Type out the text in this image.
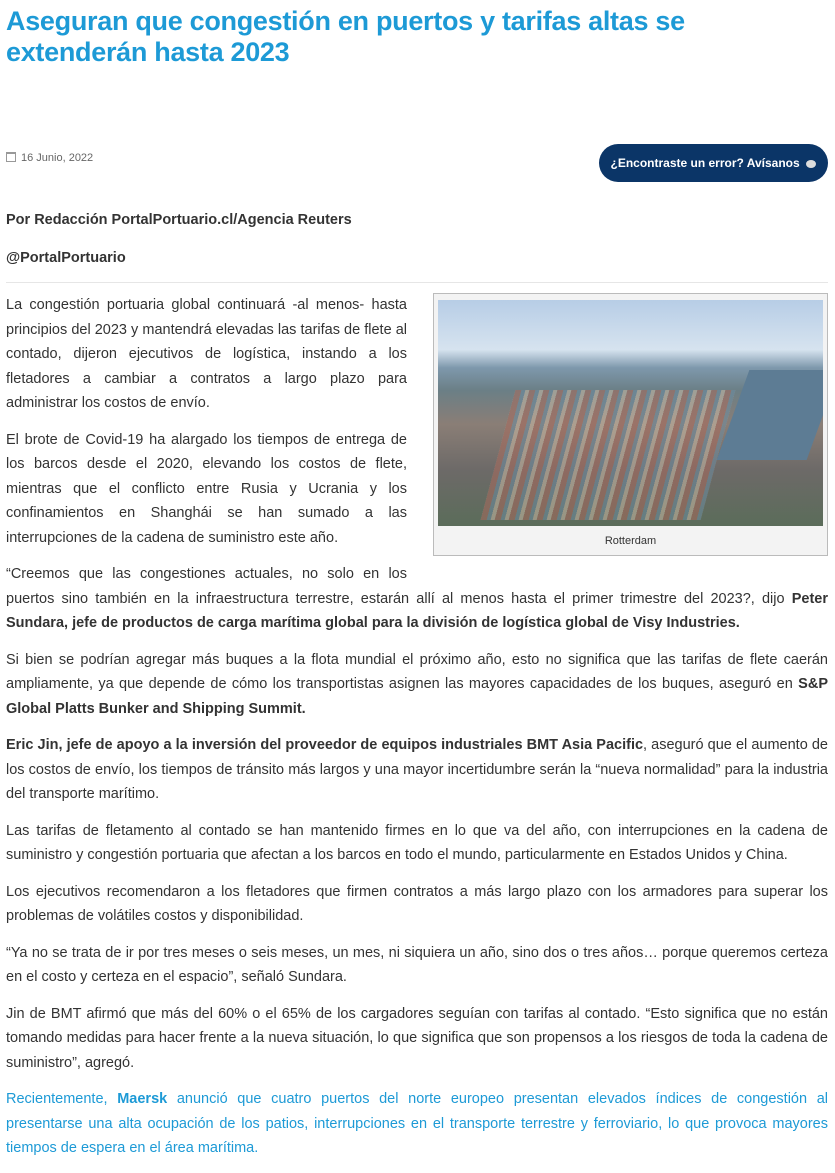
Aseguran que congestión en puertos y tarifas altas se extenderán hasta 2023
16 Junio, 2022	¿Encontraste un error? Avísanos
Por Redacción PortalPortuario.cl/Agencia Reuters
@PortalPortuario
Rotterdam

La congestión portuaria global continuará -al menos- hasta principios del 2023 y mantendrá elevadas las tarifas de flete al contado, dijeron ejecutivos de logística, instando a los fletadores a cambiar a contratos a largo plazo para administrar los costos de envío.

El brote de Covid-19 ha alargado los tiempos de entrega de los barcos desde el 2020, elevando los costos de flete, mientras que el conflicto entre Rusia y Ucrania y los confinamientos en Shanghái se han sumado a las interrupciones de la cadena de suministro este año.

“Creemos que las congestiones actuales, no solo en los puertos sino también en la infraestructura terrestre, estarán allí al menos hasta el primer trimestre del 2023?, dijo Peter Sundara, jefe de productos de carga marítima global para la división de logística global de Visy Industries.

Si bien se podrían agregar más buques a la flota mundial el próximo año, esto no significa que las tarifas de flete caerán ampliamente, ya que depende de cómo los transportistas asignen las mayores capacidades de los buques, aseguró en S&P Global Platts Bunker and Shipping Summit.

Eric Jin, jefe de apoyo a la inversión del proveedor de equipos industriales BMT Asia Pacific, aseguró que el aumento de los costos de envío, los tiempos de tránsito más largos y una mayor incertidumbre serán la “nueva normalidad” para la industria del transporte marítimo.

Las tarifas de fletamento al contado se han mantenido firmes en lo que va del año, con interrupciones en la cadena de suministro y congestión portuaria que afectan a los barcos en todo el mundo, particularmente en Estados Unidos y China.

Los ejecutivos recomendaron a los fletadores que firmen contratos a más largo plazo con los armadores para superar los problemas de volátiles costos y disponibilidad.

“Ya no se trata de ir por tres meses o seis meses, un mes, ni siquiera un año, sino dos o tres años… porque queremos certeza en el costo y certeza en el espacio”, señaló Sundara.

Jin de BMT afirmó que más del 60% o el 65% de los cargadores seguían con tarifas al contado. “Esto significa que no están tomando medidas para hacer frente a la nueva situación, lo que significa que son propensos a los riesgos de toda la cadena de suministro”, agregó.

Recientemente, Maersk anunció que cuatro puertos del norte europeo presentan elevados índices de congestión al presentarse una alta ocupación de los patios, interrupciones en el transporte terrestre y ferroviario, lo que provoca mayores tiempos de espera en el área marítima.
